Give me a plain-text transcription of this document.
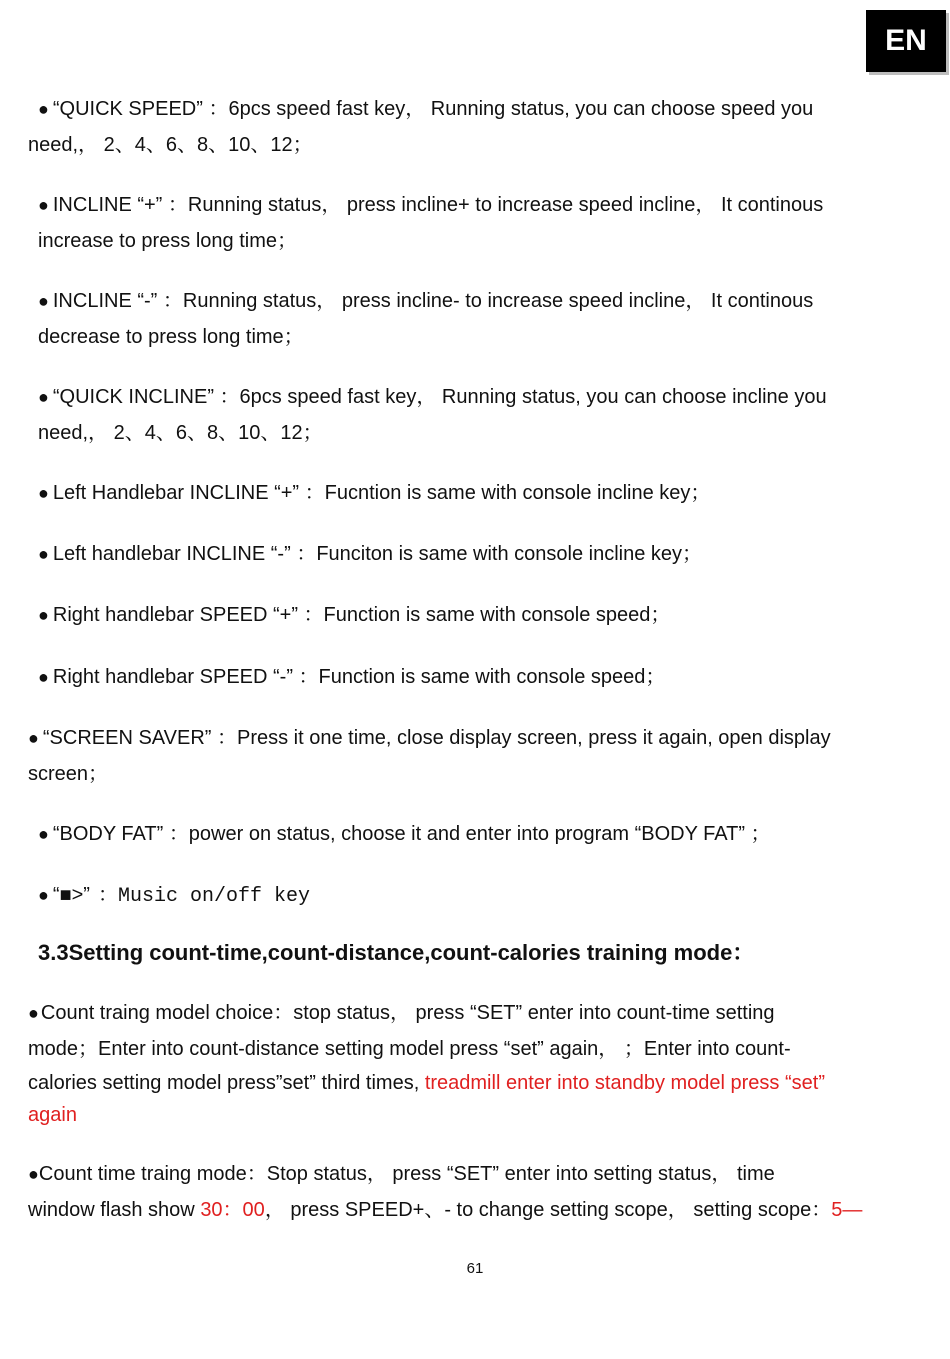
EN
● “QUICK SPEED” ：6pcs speed fast key， Running status, you can choose speed you
need,， 2、4、6、8、10、12；
● INCLINE “+” ：Running status， press incline+ to increase speed incline， It continous
increase to press long time；
● INCLINE “-” ：Running status， press incline- to increase speed incline， It continous
decrease to press long time；
● “QUICK INCLINE” ：6pcs speed fast key， Running status, you can choose incline you
need,， 2、4、6、8、10、12；
● Left Handlebar INCLINE “+” ：Fucntion is same with console incline key；
● Left handlebar INCLINE “-” ：Funciton is same with console incline key；
● Right handlebar SPEED “+” ：Function is same with console speed；
● Right handlebar SPEED “-” ：Function is same with console speed；
● “SCREEN SAVER” ：Press it one time, close display screen, press it again, open display
screen；
● “BODY FAT” ：power on status, choose it and enter into program “BODY FAT” ；
● “■>” ：Music on/off key
3.3Setting count-time,count-distance,count-calories training mode：
● Count traing model choice：stop status， press “SET” enter into count-time setting
mode；Enter into count-distance setting model press “set” again， ；Enter into count-
calories setting model press”set” third times, treadmill enter into standby model press “set”
again
●Count time traing mode：Stop status， press “SET” enter into setting status， time
window flash show 30：00， press SPEED+、- to change setting scope， setting scope：5—
61
